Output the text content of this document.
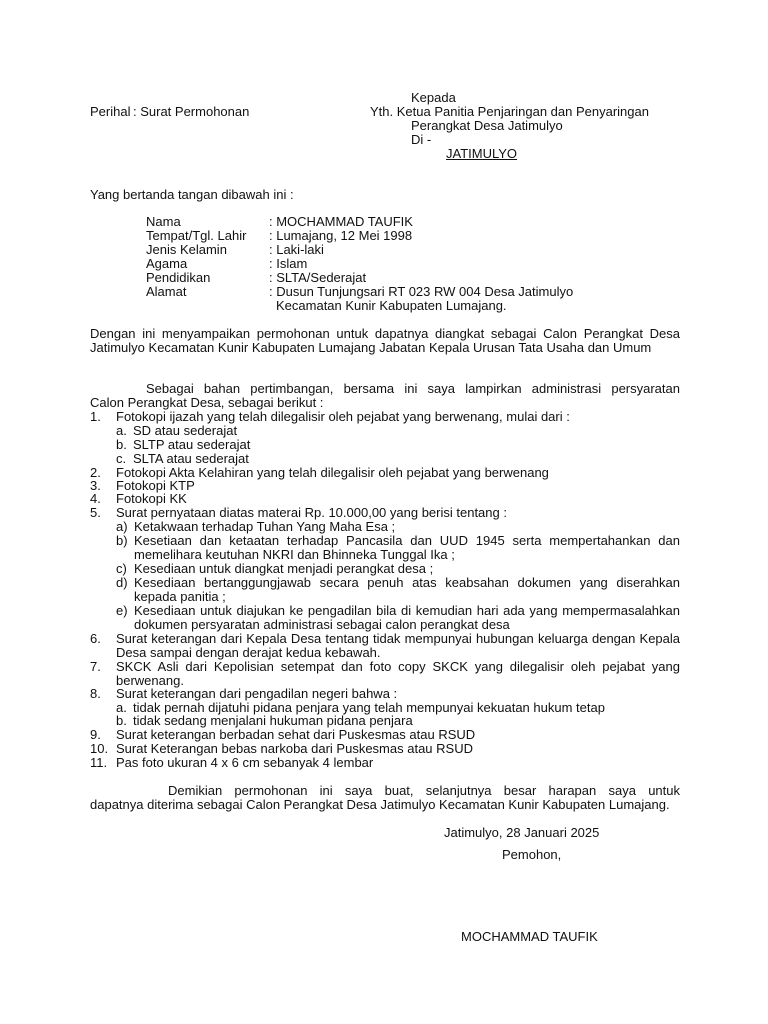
Kepada
Perihal : Surat Permohonan	Yth. Ketua Panitia Penjaringan dan Penyaringan
Perangkat Desa Jatimulyo
Di -
JATIMULYO
Yang bertanda tangan dibawah ini :
Nama	: MOCHAMMAD TAUFIK
Tempat/Tgl. Lahir : Lumajang, 12 Mei 1998
Jenis Kelamin	: Laki-laki
Agama	: Islam
Pendidikan	: SLTA/Sederajat
Alamat	: Dusun Tunjungsari RT 023 RW 004 Desa Jatimulyo
Kecamatan Kunir Kabupaten Lumajang.
Dengan ini menyampaikan permohonan untuk dapatnya diangkat sebagai Calon Perangkat Desa Jatimulyo Kecamatan Kunir Kabupaten Lumajang Jabatan Kepala Urusan Tata Usaha dan Umum
Sebagai bahan pertimbangan, bersama ini saya lampirkan administrasi persyaratan
Calon Perangkat Desa, sebagai berikut :
1. Fotokopi ijazah yang telah dilegalisir oleh pejabat yang berwenang, mulai dari :
a. SD atau sederajat
b. SLTP atau sederajat
c. SLTA atau sederajat
2. Fotokopi Akta Kelahiran yang telah dilegalisir oleh pejabat yang berwenang
3. Fotokopi KTP
4. Fotokopi KK
5. Surat pernyataan diatas materai Rp. 10.000,00 yang berisi tentang :
a) Ketakwaan terhadap Tuhan Yang Maha Esa ;
b) Kesetiaan dan ketaatan terhadap Pancasila dan UUD 1945 serta mempertahankan dan memelihara keutuhan NKRI dan Bhinneka Tunggal Ika ;
c) Kesediaan untuk diangkat menjadi perangkat desa ;
d) Kesediaan bertanggungjawab secara penuh atas keabsahan dokumen yang diserahkan kepada panitia ;
e) Kesediaan untuk diajukan ke pengadilan bila di kemudian hari ada yang mempermasalahkan dokumen persyaratan administrasi sebagai calon perangkat desa
6. Surat keterangan dari Kepala Desa tentang tidak mempunyai hubungan keluarga dengan Kepala Desa sampai dengan derajat kedua kebawah.
7. SKCK Asli dari Kepolisian setempat dan foto copy SKCK yang dilegalisir oleh pejabat yang berwenang.
8. Surat keterangan dari pengadilan negeri bahwa :
a. tidak pernah dijatuhi pidana penjara yang telah mempunyai kekuatan hukum tetap
b. tidak sedang menjalani hukuman pidana penjara
9. Surat keterangan berbadan sehat dari Puskesmas atau RSUD
10. Surat Keterangan bebas narkoba dari Puskesmas atau RSUD
11. Pas foto ukuran 4 x 6 cm sebanyak 4 lembar
Demikian permohonan ini saya buat, selanjutnya besar harapan saya untuk
dapatnya diterima sebagai Calon Perangkat Desa Jatimulyo Kecamatan Kunir Kabupaten Lumajang.
Jatimulyo, 28 Januari 2025
Pemohon,
MOCHAMMAD TAUFIK
